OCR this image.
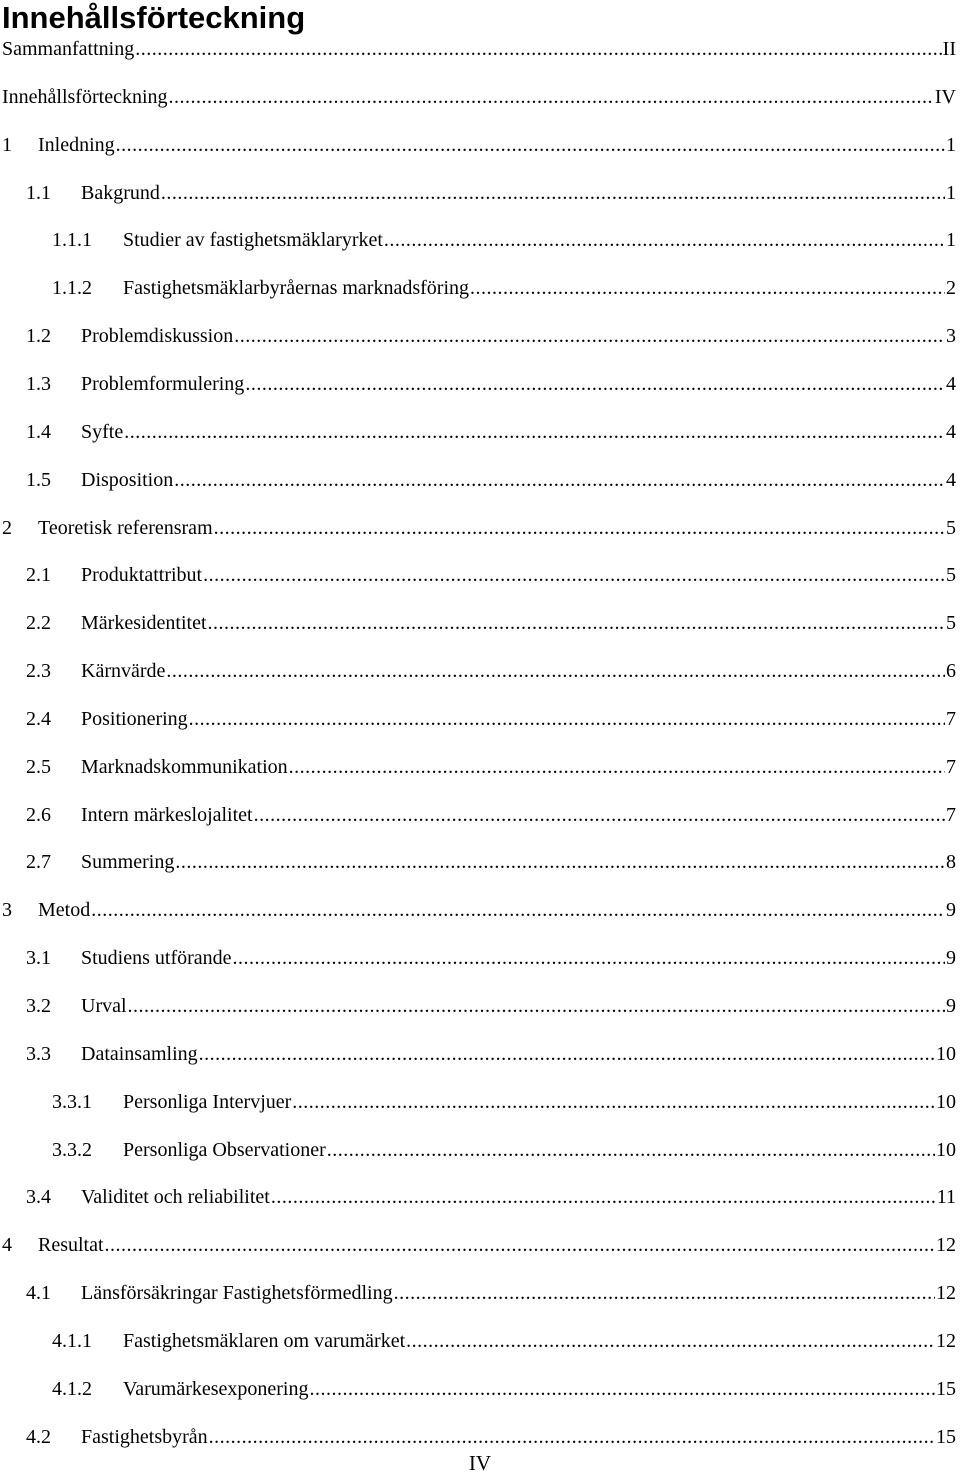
Innehållsförteckning
Sammanfattning .....	II
Innehållsförteckning .....	IV
1	Inledning .....	1
1.1	Bakgrund .....	1
1.1.1	Studier av fastighetsmäklaryrket .....	1
1.1.2	Fastighetsmäklarbyråernas marknadsföring .....	2
1.2	Problemdiskussion .....	3
1.3	Problemformulering .....	4
1.4	Syfte .....	4
1.5	Disposition .....	4
2	Teoretisk referensram .....	5
2.1	Produktattribut .....	5
2.2	Märkesidentitet .....	5
2.3	Kärnvärde .....	6
2.4	Positionering .....	7
2.5	Marknadskommunikation .....	7
2.6	Intern märkeslojalitet .....	7
2.7	Summering .....	8
3	Metod .....	9
3.1	Studiens utförande .....	9
3.2	Urval .....	9
3.3	Datainsamling .....	10
3.3.1	Personliga Intervjuer .....	10
3.3.2	Personliga Observationer .....	10
3.4	Validitet och reliabilitet .....	11
4	Resultat .....	12
4.1	Länsförsäkringar Fastighetsförmedling .....	12
4.1.1	Fastighetsmäklaren om varumärket .....	12
4.1.2	Varumärkesexponering .....	15
4.2	Fastighetsbyrån .....	15
IV
